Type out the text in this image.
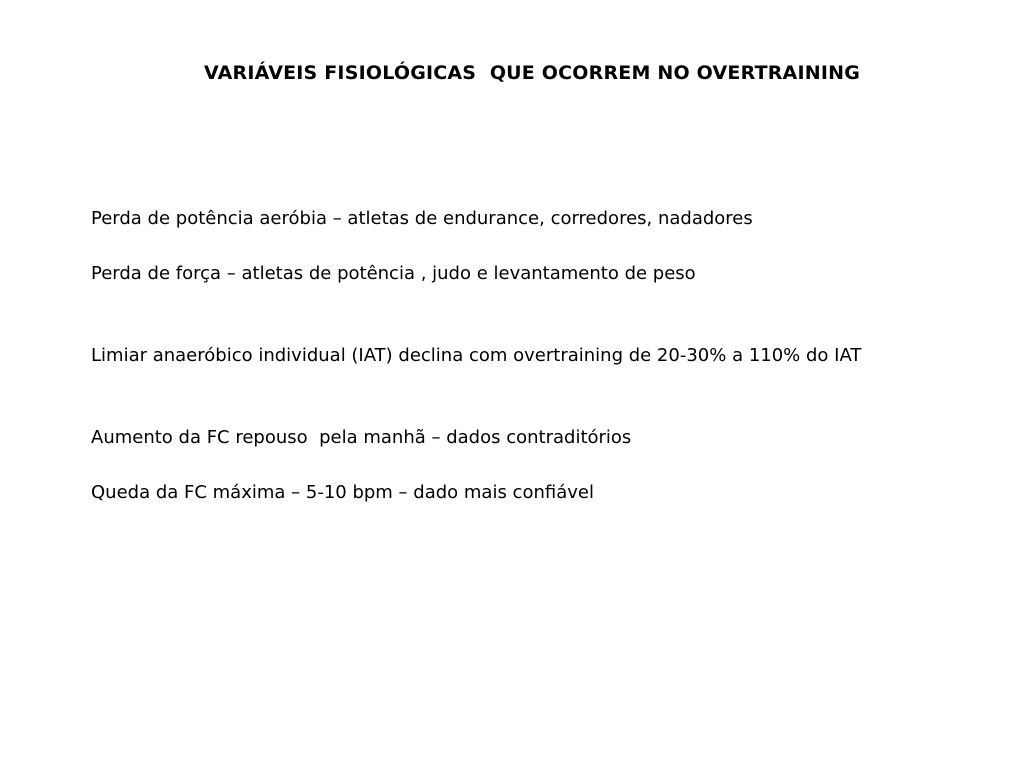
VARIÁVEIS FISIOLÓGICAS  QUE OCORREM NO OVERTRAINING

Perda de potência aeróbia – atletas de endurance, corredores, nadadores

Perda de força – atletas de potência , judo e levantamento de peso

Limiar anaeróbico individual (IAT) declina com overtraining de 20-30% a 110% do IAT

Aumento da FC repouso  pela manhã – dados contraditórios

Queda da FC máxima – 5-10 bpm – dado mais confiável
